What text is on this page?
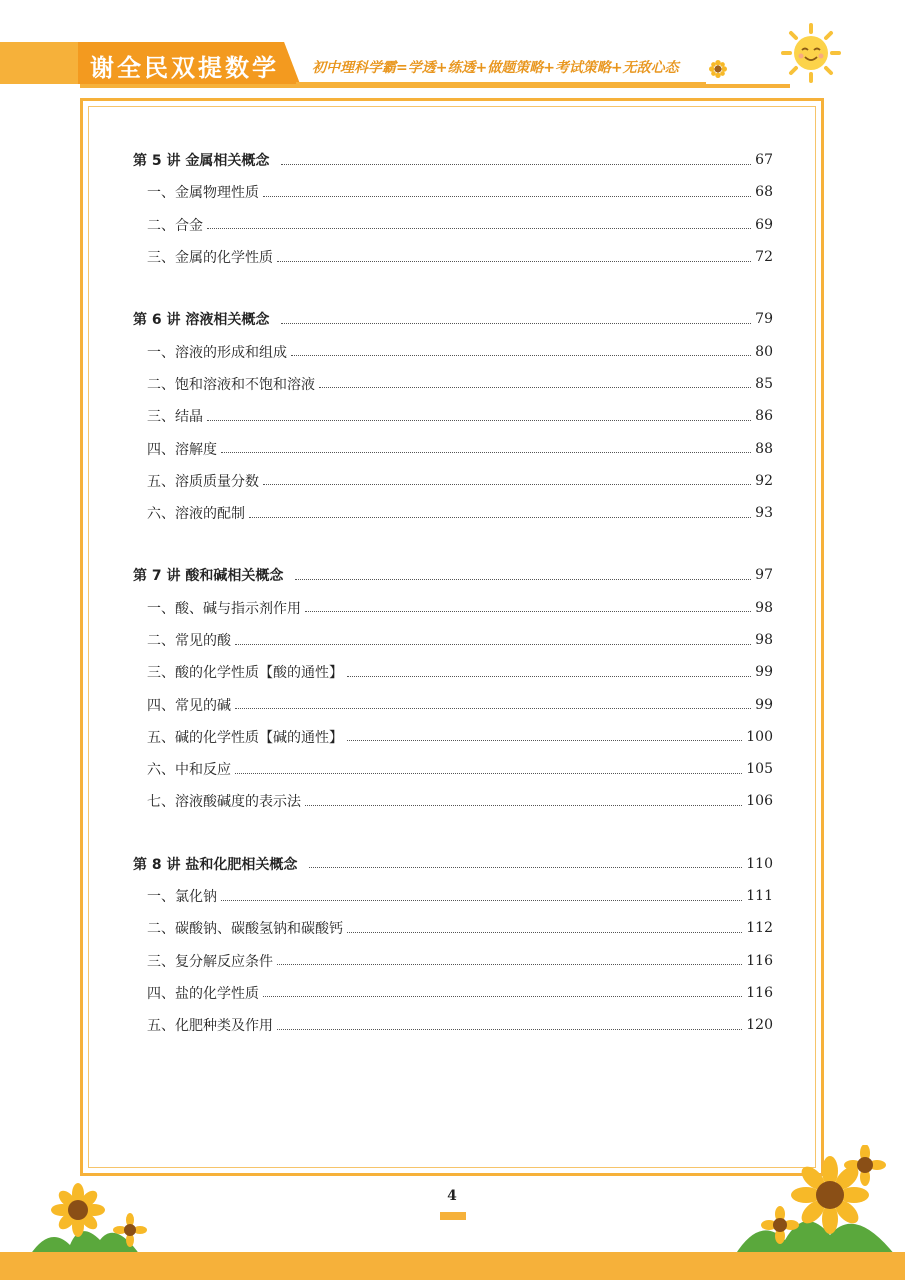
谢全民双提数学 初中理科学霸=学透+练透+做题策略+考试策略+无敌心态
第 5 讲 金属相关概念	67
一、金属物理性质	68
二、合金	69
三、金属的化学性质	72
第 6 讲 溶液相关概念	79
一、溶液的形成和组成	80
二、饱和溶液和不饱和溶液	85
三、结晶	86
四、溶解度	88
五、溶质质量分数	92
六、溶液的配制	93
第 7 讲 酸和碱相关概念	97
一、酸、碱与指示剂作用	98
二、常见的酸	98
三、酸的化学性质【酸的通性】	99
四、常见的碱	99
五、碱的化学性质【碱的通性】	100
六、中和反应	105
七、溶液酸碱度的表示法	106
第 8 讲 盐和化肥相关概念	110
一、氯化钠	111
二、碳酸钠、碳酸氢钠和碳酸钙	112
三、复分解反应条件	116
四、盐的化学性质	116
五、化肥种类及作用	120
4
